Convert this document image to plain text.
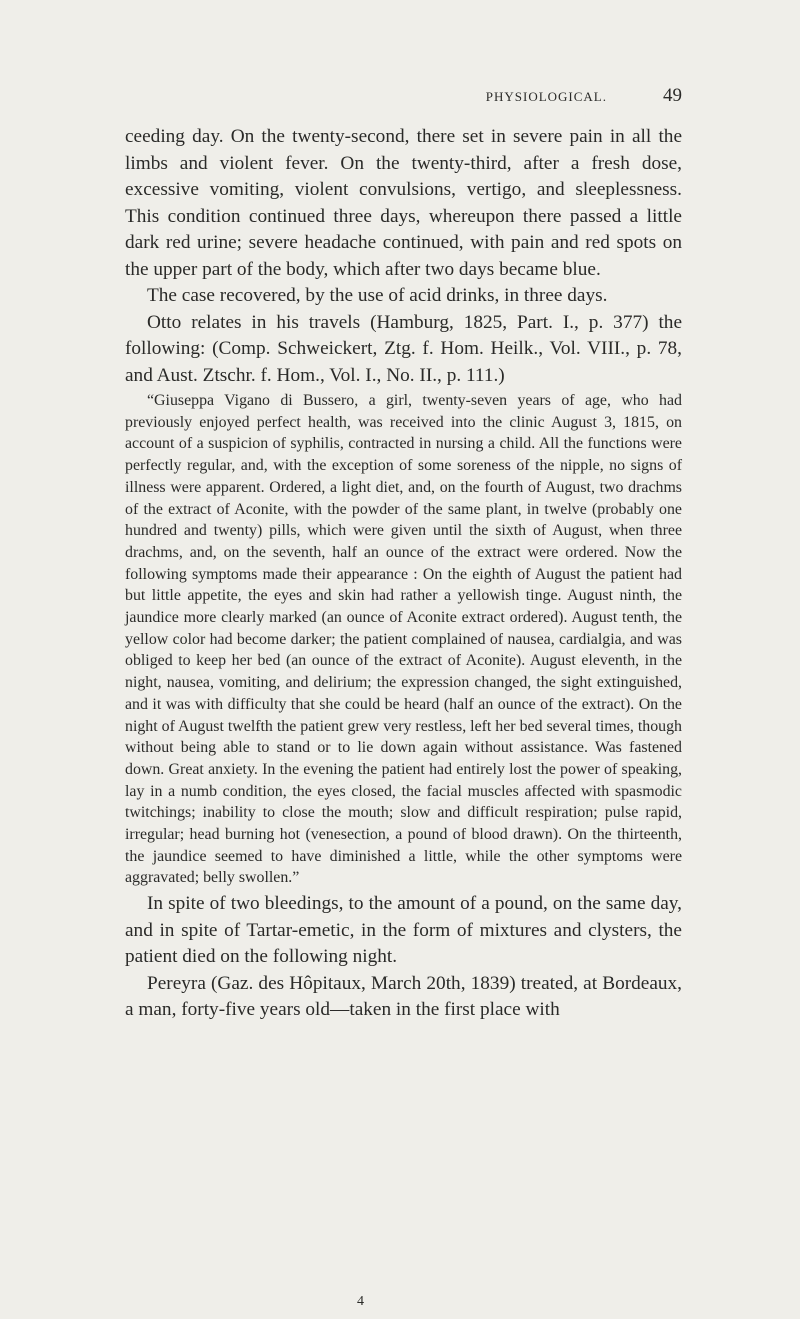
PHYSIOLOGICAL.	49

ceeding day. On the twenty-second, there set in severe pain in all the limbs and violent fever. On the twenty-third, after a fresh dose, excessive vomiting, violent convulsions, vertigo, and sleeplessness. This condition continued three days, whereupon there passed a little dark red urine; severe headache continued, with pain and red spots on the upper part of the body, which after two days became blue.

The case recovered, by the use of acid drinks, in three days.

Otto relates in his travels (Hamburg, 1825, Part. I., p. 377) the following: (Comp. Schweickert, Ztg. f. Hom. Heilk., Vol. VIII., p. 78, and Aust. Ztschr. f. Hom., Vol. I., No. II., p. 111.)

“Giuseppa Vigano di Bussero, a girl, twenty-seven years of age, who had previously enjoyed perfect health, was received into the clinic August 3, 1815, on account of a suspicion of syphilis, contracted in nursing a child. All the functions were perfectly regular, and, with the exception of some soreness of the nipple, no signs of illness were apparent. Ordered, a light diet, and, on the fourth of August, two drachms of the extract of Aconite, with the powder of the same plant, in twelve (probably one hundred and twenty) pills, which were given until the sixth of August, when three drachms, and, on the seventh, half an ounce of the extract were ordered. Now the following symptoms made their appearance : On the eighth of August the patient had but little appetite, the eyes and skin had rather a yellowish tinge. August ninth, the jaundice more clearly marked (an ounce of Aconite extract ordered). August tenth, the yellow color had become darker; the patient complained of nausea, cardialgia, and was obliged to keep her bed (an ounce of the extract of Aconite). August eleventh, in the night, nausea, vomiting, and delirium; the expression changed, the sight extinguished, and it was with difficulty that she could be heard (half an ounce of the extract). On the night of August twelfth the patient grew very restless, left her bed several times, though without being able to stand or to lie down again without assistance. Was fastened down. Great anxiety. In the evening the patient had entirely lost the power of speaking, lay in a numb condition, the eyes closed, the facial muscles affected with spasmodic twitchings; inability to close the mouth; slow and difficult respiration; pulse rapid, irregular; head burning hot (venesection, a pound of blood drawn). On the thirteenth, the jaundice seemed to have diminished a little, while the other symptoms were aggravated; belly swollen.”

In spite of two bleedings, to the amount of a pound, on the same day, and in spite of Tartar-emetic, in the form of mixtures and clysters, the patient died on the following night.

Pereyra (Gaz. des Hôpitaux, March 20th, 1839) treated, at Bordeaux, a man, forty-five years old—taken in the first place with

4
